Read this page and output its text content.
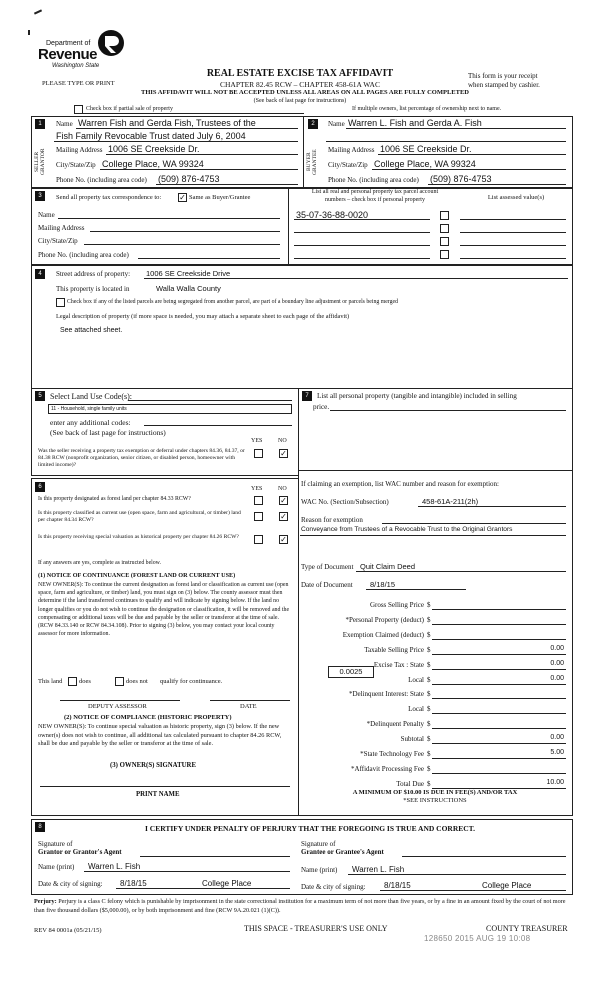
Department of
Revenue
Washington State
REAL ESTATE EXCISE TAX AFFIDAVIT
CHAPTER 82.45 RCW – CHAPTER 458-61A WAC
THIS AFFIDAVIT WILL NOT BE ACCEPTED UNLESS ALL AREAS ON ALL PAGES ARE FULLY COMPLETED
(See back of last page for instructions)
PLEASE TYPE OR PRINT
This form is your receipt
when stamped by cashier.
Check box if partial sale of property	If multiple owners, list percentage of ownership next to name.
1	2
SELLER GRANTOR	BUYER GRANTEE
Name Warren Fish and Gerda Fish, Trustees of the
Fish Family Revocable Trust dated July 6, 2004
Mailing Address 1006 SE Creekside Dr.
City/State/Zip College Place, WA 99324
Phone No. (including area code) (509) 876-4753
Name Warren L. Fish and Gerda A. Fish
Mailing Address 1006 SE Creekside Dr.
City/State/Zip College Place, WA 99324
Phone No. (including area code) (509) 876-4753
3	Send all property tax correspondence to: ✓ Same as Buyer/Grantee
Name
Mailing Address
City/State/Zip
Phone No. (including area code)
List all real and personal property tax parcel account
numbers – check box if personal property	List assessed value(s)
35-07-36-88-0020
4	Street address of property: 1006 SE Creekside Drive
This property is located in	Walla Walla County
Check box if any of the listed parcels are being segregated from another parcel, are part of a boundary line adjustment or parcels being merged
Legal description of property (if more space is needed, you may attach a separate sheet to each page of the affidavit)
See attached sheet.
5	Select Land Use Code(s):
11 - Household, single family units
enter any additional codes:
(See back of last page for instructions)
YES	NO
Was the seller receiving a property tax exemption or deferral under chapters 84.36, 84.37, or 84.38 RCW (nonprofit organization, senior citizen, or disabled person, homeowner with limited income)?
✓
6	YES	NO
Is this property designated as forest land per chapter 84.33 RCW?	✓
Is this property classified as current use (open space, farm and agricultural, or timber) land per chapter 84.34 RCW?	✓
Is this property receiving special valuation as historical property per chapter 84.26 RCW?	✓
If any answers are yes, complete as instructed below.
(1) NOTICE OF CONTINUANCE (FOREST LAND OR CURRENT USE)
NEW OWNER(S): To continue the current designation as forest land or classification as current use (open space, farm and agriculture, or timber) land, you must sign on (3) below. The county assessor must then determine if the land transferred continues to qualify and will indicate by signing below. If the land no longer qualifies or you do not wish to continue the designation or classification, it will be removed and the compensating or additional taxes will be due and payable by the seller or transferor at the time of sale. (RCW 84.33.140 or RCW 84.34.108). Prior to signing (3) below, you may contact your local county assessor for more information.
This land	does	does not qualify for continuance.
DEPUTY ASSESSOR	DATE
(2) NOTICE OF COMPLIANCE (HISTORIC PROPERTY)
NEW OWNER(S): To continue special valuation as historic property, sign (3) below. If the new owner(s) does not wish to continue, all additional tax calculated pursuant to chapter 84.26 RCW, shall be due and payable by the seller or transferor at the time of sale.
(3) OWNER(S) SIGNATURE
PRINT NAME
7	List all personal property (tangible and intangible) included in selling
price.
If claiming an exemption, list WAC number and reason for exemption:
WAC No. (Section/Subsection)	458-61A-211(2h)
Reason for exemption
Conveyance from Trustees of a Revocable Trust to the Original Grantors
Type of Document Quit Claim Deed
Date of Document 8/18/15
Gross Selling Price $
*Personal Property (deduct) $
Exemption Claimed (deduct) $
Taxable Selling Price $	0.00
Excise Tax : State $	0.00
Local $	0.00
*Delinquent Interest: State $
Local $
*Delinquent Penalty $
Subtotal $	0.00
*State Technology Fee $	5.00
*Affidavit Processing Fee $
Total Due $	10.00
0.0025
A MINIMUM OF $10.00 IS DUE IN FEE(S) AND/OR TAX
*SEE INSTRUCTIONS
8	I CERTIFY UNDER PENALTY OF PERJURY THAT THE FOREGOING IS TRUE AND CORRECT.
Signature of
Grantor or Grantor's Agent
Name (print) Warren L. Fish
Date & city of signing: 8/18/15	College Place
Signature of
Grantee or Grantee's Agent
Name (print) Warren L. Fish
Date & city of signing: 8/18/15	College Place
Perjury: Perjury is a class C felony which is punishable by imprisonment in the state correctional institution for a maximum term of not more than five years, or by a fine in an amount fixed by the court of not more than five thousand dollars ($5,000.00), or by both imprisonment and fine (RCW 9A.20.021 (1)(C)).
REV 84 0001a (05/21/15)	THIS SPACE - TREASURER'S USE ONLY	COUNTY TREASURER
128650 2015 AUG 19 10:08
